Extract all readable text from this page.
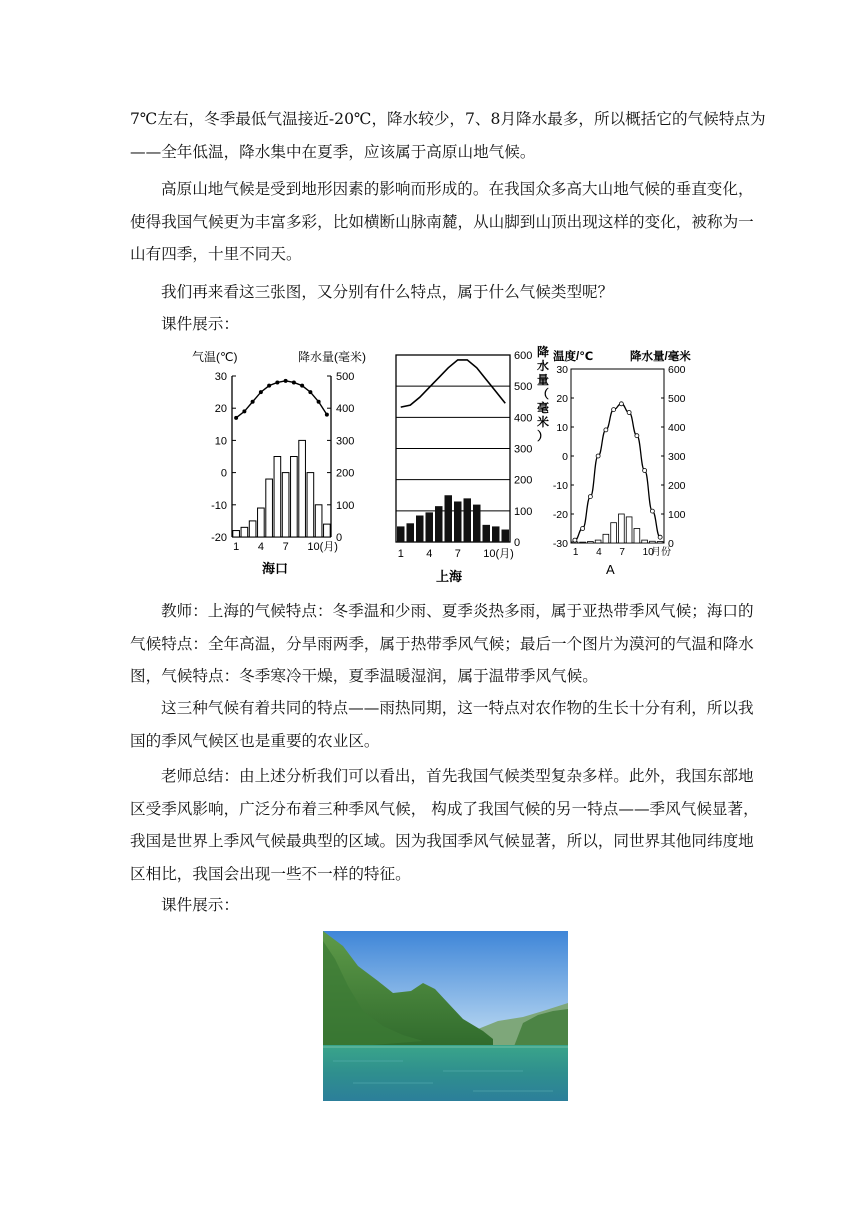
7℃左右，冬季最低气温接近-20℃，降水较少，7、8月降水最多，所以概括它的气候特点为
——全年低温，降水集中在夏季，应该属于高原山地气候。
高原山地气候是受到地形因素的影响而形成的。在我国众多高大山地气候的垂直变化，
使得我国气候更为丰富多彩，比如横断山脉南麓，从山脚到山顶出现这样的变化，被称为一
山有四季，十里不同天。
我们再来看这三张图，又分别有什么特点，属于什么气候类型呢？
课件展示：
气温(℃)	降水量(毫米)
30
20
10
0
-10
-20
500
400
300
200
100
0
1 4 7 10(月)
海口
600
500
400
300
200
100
0
1 4 7 10(月)
降水量（毫米）
上海
温度/℃	降水量/毫米
30
20
10
0
-10
-20
-30
600
500
400
300
200
100
0
1 4 7 10
月份
A
教师：上海的气候特点：冬季温和少雨、夏季炎热多雨，属于亚热带季风气候；海口的
气候特点：全年高温，分旱雨两季，属于热带季风气候；最后一个图片为漠河的气温和降水
图，气候特点：冬季寒冷干燥，夏季温暖湿润，属于温带季风气候。
这三种气候有着共同的特点——雨热同期，这一特点对农作物的生长十分有利，所以我
国的季风气候区也是重要的农业区。
老师总结：由上述分析我们可以看出，首先我国气候类型复杂多样。此外，我国东部地
区受季风影响，广泛分布着三种季风气候， 构成了我国气候的另一特点——季风气候显著，
我国是世界上季风气候最典型的区域。因为我国季风气候显著，所以，同世界其他同纬度地
区相比，我国会出现一些不一样的特征。
课件展示：
